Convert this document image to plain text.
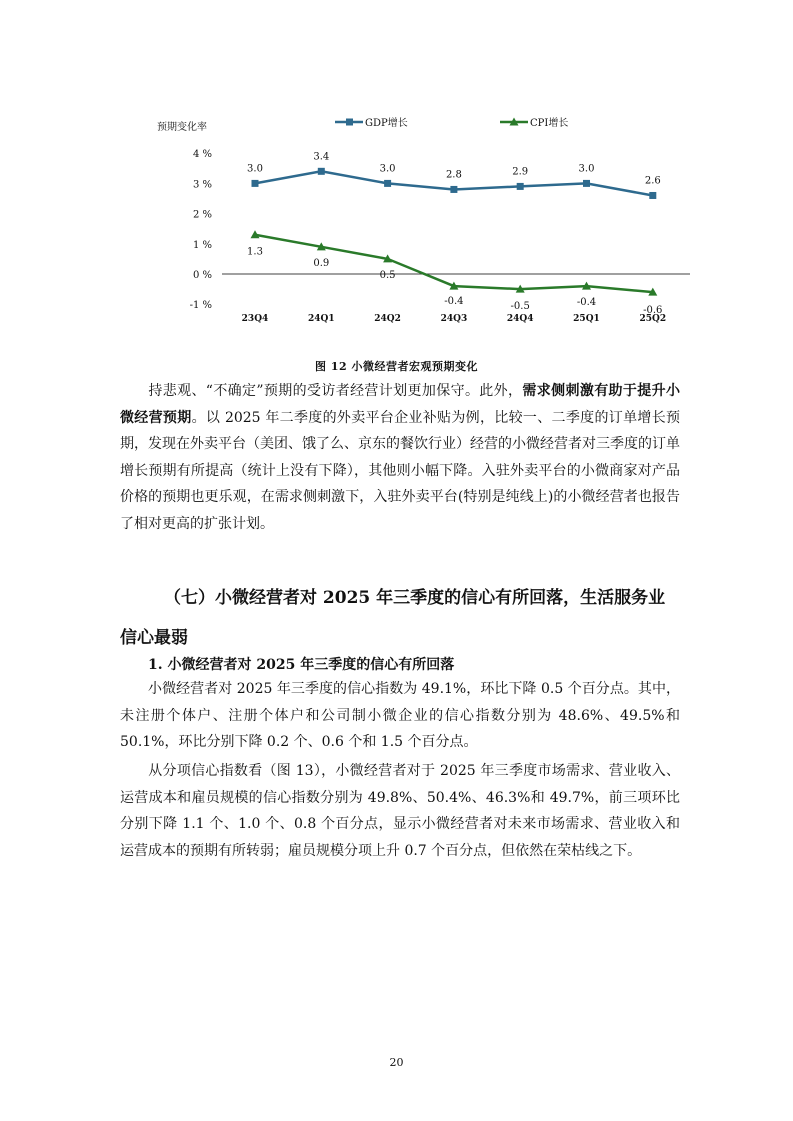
预期变化率
4 %
3 %
2 %
1 %
0 %
-1 %
23Q4	24Q1	24Q2	24Q3	24Q4	25Q1	25Q2
GDP增长	CPI增长
3.0
3.4
3.0
2.8	2.9	3.0
2.6
1.3
0.9
0.5
-0.4	-0.5	-0.4
-0.6
图 12 小微经营者宏观预期变化

持悲观、“不确定”预期的受访者经营计划更加保守。此外，需求侧刺激有助于提升小微经营预期。以 2025 年二季度的外卖平台企业补贴为例，比较一、二季度的订单增长预期，发现在外卖平台（美团、饿了么、京东的餐饮行业）经营的小微经营者对三季度的订单增长预期有所提高（统计上没有下降），其他则小幅下降。入驻外卖平台的小微商家对产品价格的预期也更乐观，在需求侧刺激下，入驻外卖平台(特别是纯线上)的小微经营者也报告了相对更高的扩张计划。

（七）小微经营者对 2025 年三季度的信心有所回落，生活服务业信心最弱

1. 小微经营者对 2025 年三季度的信心有所回落

小微经营者对 2025 年三季度的信心指数为 49.1%，环比下降 0.5 个百分点。其中，未注册个体户、注册个体户和公司制小微企业的信心指数分别为 48.6%、49.5%和 50.1%，环比分别下降 0.2 个、0.6 个和 1.5 个百分点。

从分项信心指数看（图 13），小微经营者对于 2025 年三季度市场需求、营业收入、运营成本和雇员规模的信心指数分别为 49.8%、50.4%、46.3%和 49.7%，前三项环比分别下降 1.1 个、1.0 个、0.8 个百分点，显示小微经营者对未来市场需求、营业收入和运营成本的预期有所转弱；雇员规模分项上升 0.7 个百分点，但依然在荣枯线之下。

20
